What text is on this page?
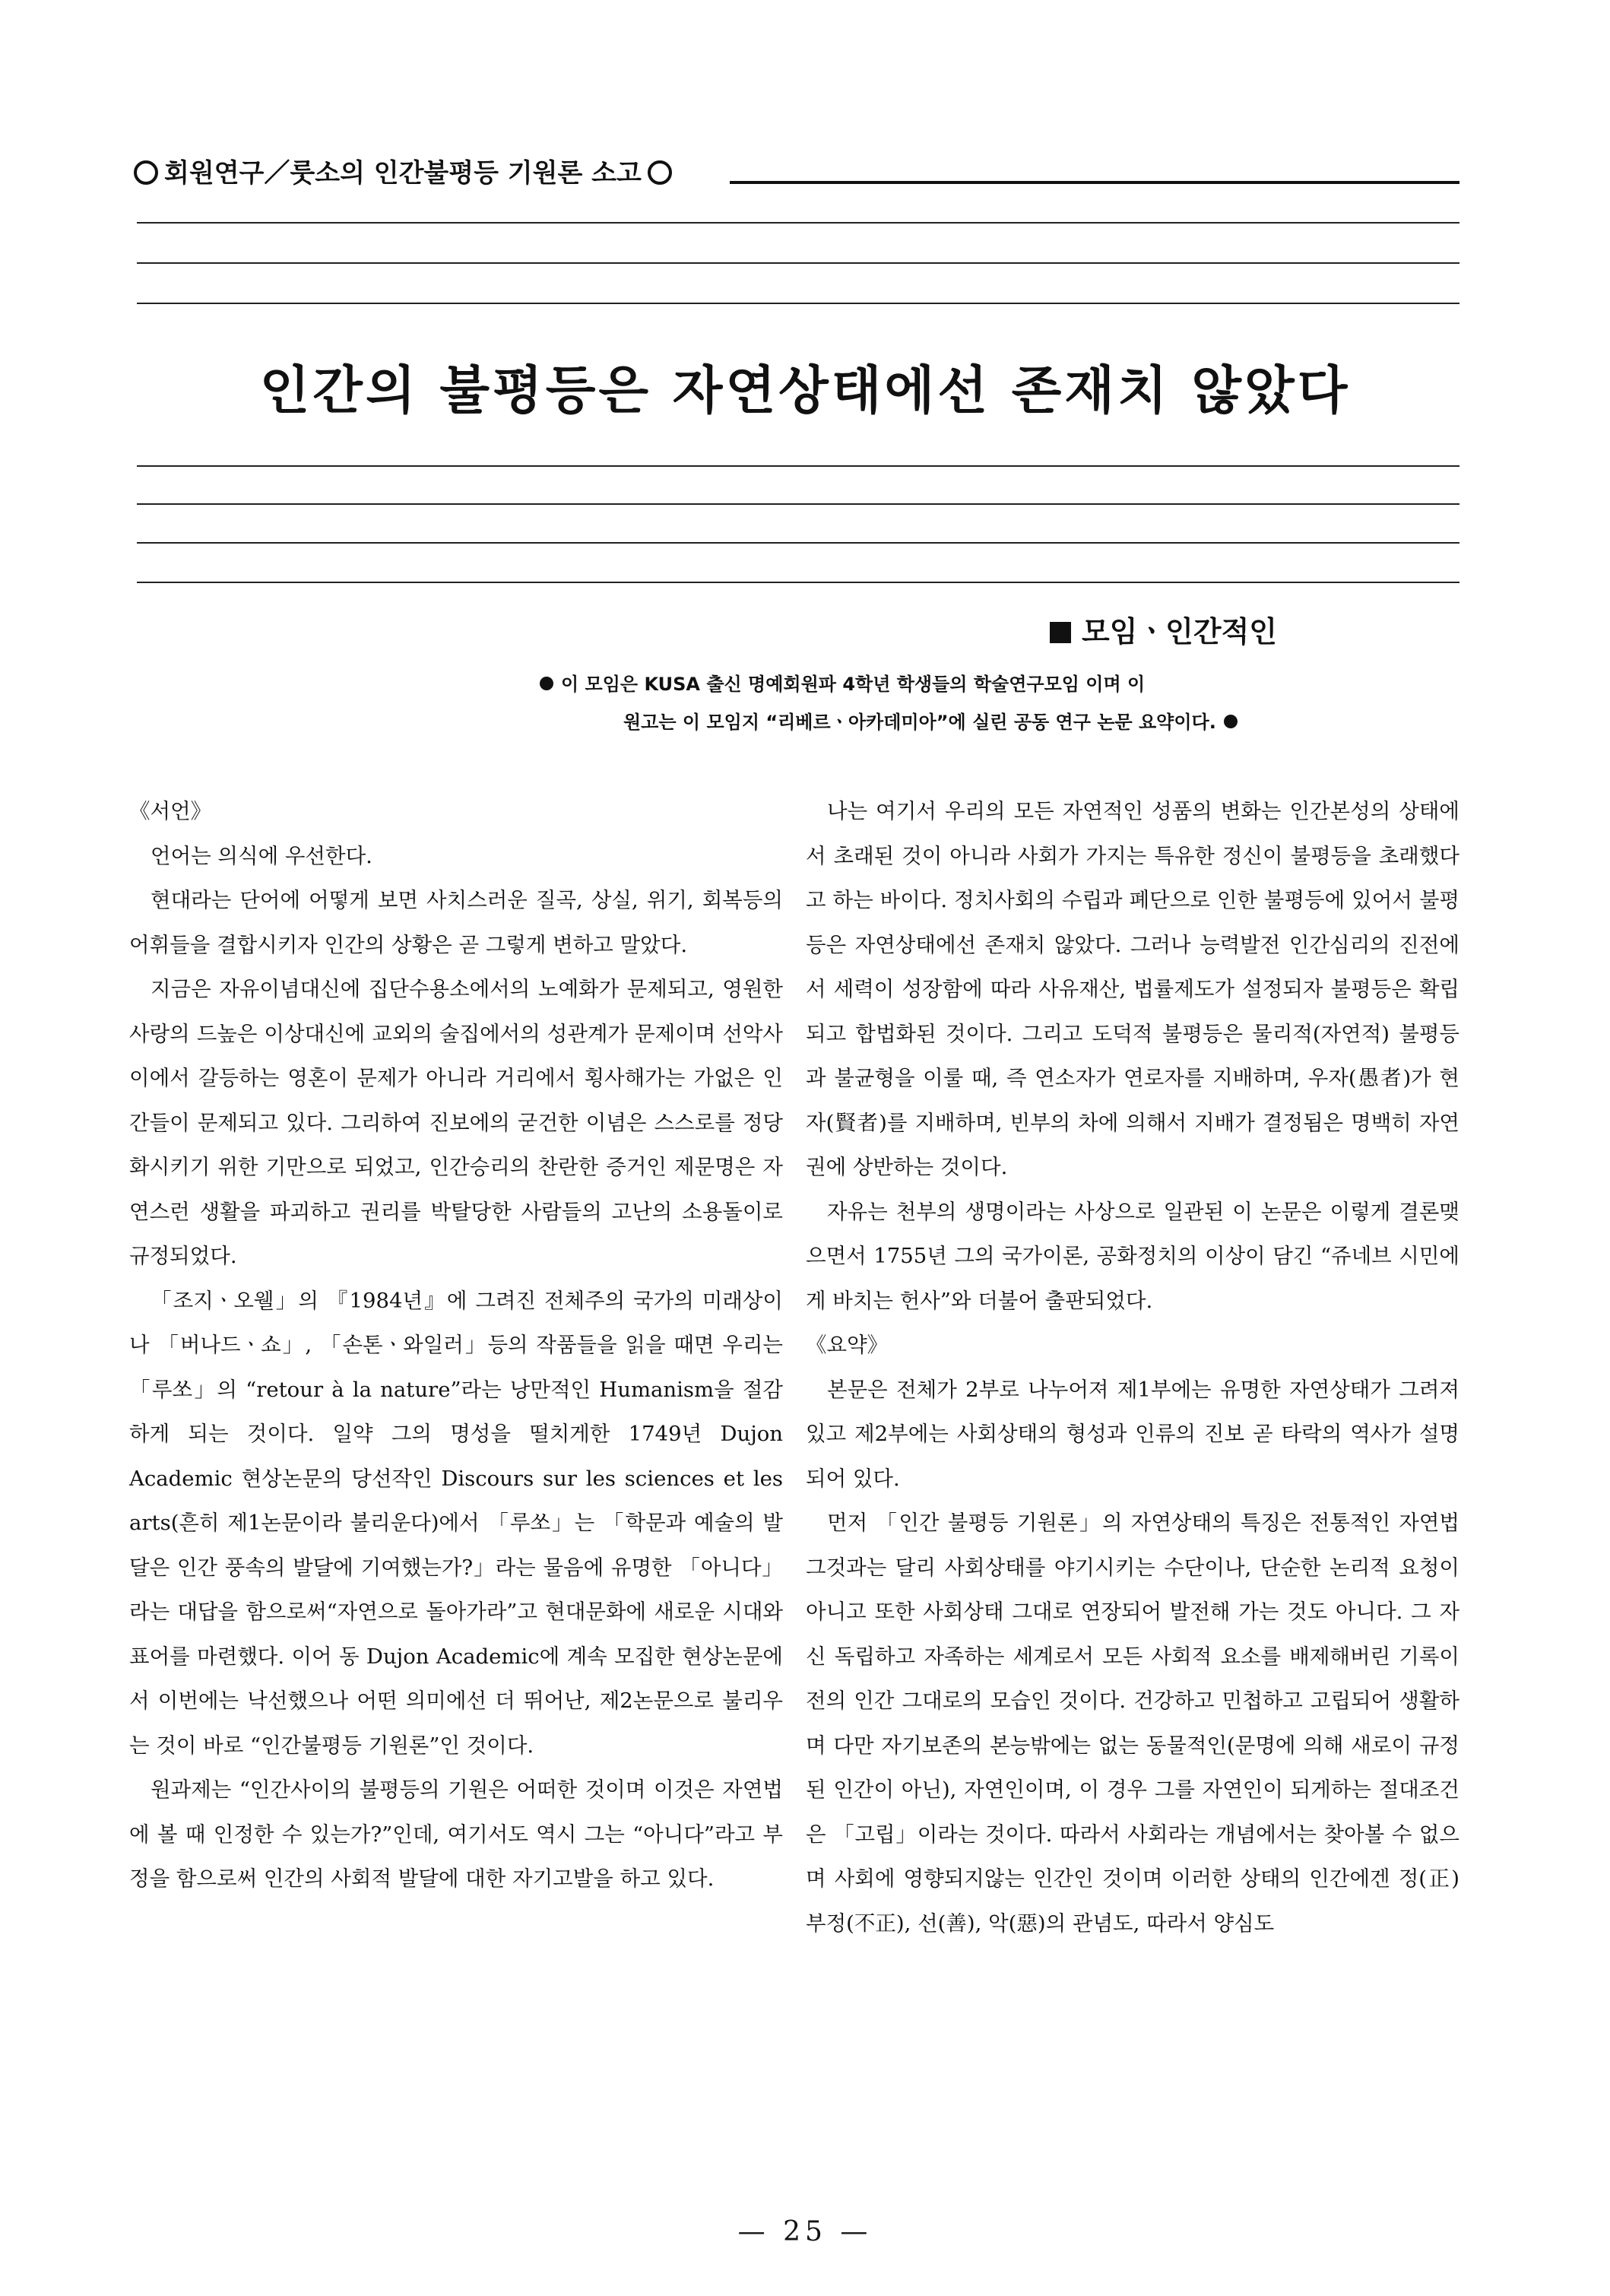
회원연구／룻소의 인간불평등 기원론 소고
인간의 불평등은 자연상태에선 존재치 않았다
모임ㆍ인간적인
이 모임은 KUSA 출신 명예회원파 4학년 학생들의 학술연구모임 이며 이
원고는 이 모임지 “리베르ㆍ아카데미아”에 실린 공동 연구 논문 요약이다.

《서언》

언어는 의식에 우선한다.

현대라는 단어에 어떻게 보면 사치스러운 질곡, 상실, 위기, 회복등의 어휘들을 결합시키자 인간의 상황은 곧 그렇게 변하고 말았다.

지금은 자유이념대신에 집단수용소에서의 노예화가 문제되고, 영원한 사랑의 드높은 이상대신에 교외의 술집에서의 성관계가 문제이며 선악사이에서 갈등하는 영혼이 문제가 아니라 거리에서 횡사해가는 가없은 인간들이 문제되고 있다. 그리하여 진보에의 굳건한 이념은 스스로를 정당화시키기 위한 기만으로 되었고, 인간승리의 찬란한 증거인 제문명은 자연스런 생활을 파괴하고 권리를 박탈당한 사람들의 고난의 소용돌이로 규정되었다.

「조지ㆍ오웰」의 『1984년』에 그려진 전체주의 국가의 미래상이나 「버나드ㆍ쇼」, 「손톤ㆍ와일러」등의 작품들을 읽을 때면 우리는 「루쏘」의 “retour à la nature”라는 낭만적인 Humanism을 절감하게 되는 것이다. 일약 그의 명성을 떨치게한 1749년 Dujon Academic 현상논문의 당선작인 Discours sur les sciences et les arts(흔히 제1논문이라 불리운다)에서 「루쏘」는 「학문과 예술의 발달은 인간 풍속의 발달에 기여했는가?」라는 물음에 유명한 「아니다」라는 대답을 함으로써“자연으로 돌아가라”고 현대문화에 새로운 시대와 표어를 마련했다. 이어 동 Dujon Academic에 계속 모집한 현상논문에서 이번에는 낙선했으나 어떤 의미에선 더 뛰어난, 제2논문으로 불리우는 것이 바로 “인간불평등 기원론”인 것이다.

원과제는 “인간사이의 불평등의 기원은 어떠한 것이며 이것은 자연법에 볼 때 인정한 수 있는가?”인데, 여기서도 역시 그는 “아니다”라고 부정을 함으로써 인간의 사회적 발달에 대한 자기고발을 하고 있다.

나는 여기서 우리의 모든 자연적인 성품의 변화는 인간본성의 상태에서 초래된 것이 아니라 사회가 가지는 특유한 정신이 불평등을 초래했다고 하는 바이다. 정치사회의 수립과 폐단으로 인한 불평등에 있어서 불평등은 자연상태에선 존재치 않았다. 그러나 능력발전 인간심리의 진전에서 세력이 성장함에 따라 사유재산, 법률제도가 설정되자 불평등은 확립되고 합법화된 것이다. 그리고 도덕적 불평등은 물리적(자연적) 불평등과 불균형을 이룰 때, 즉 연소자가 연로자를 지배하며, 우자(愚者)가 현자(賢者)를 지배하며, 빈부의 차에 의해서 지배가 결정됨은 명백히 자연권에 상반하는 것이다.

자유는 천부의 생명이라는 사상으로 일관된 이 논문은 이렇게 결론맺으면서 1755년 그의 국가이론, 공화정치의 이상이 담긴 “쥬네브 시민에게 바치는 헌사”와 더불어 출판되었다.

《요약》

본문은 전체가 2부로 나누어져 제1부에는 유명한 자연상태가 그려져있고 제2부에는 사회상태의 형성과 인류의 진보 곧 타락의 역사가 설명되어 있다.

먼저 「인간 불평등 기원론」의 자연상태의 특징은 전통적인 자연법 그것과는 달리 사회상태를 야기시키는 수단이나, 단순한 논리적 요청이 아니고 또한 사회상태 그대로 연장되어 발전해 가는 것도 아니다. 그 자신 독립하고 자족하는 세계로서 모든 사회적 요소를 배제해버린 기록이전의 인간 그대로의 모습인 것이다. 건강하고 민첩하고 고립되어 생활하며 다만 자기보존의 본능밖에는 없는 동물적인(문명에 의해 새로이 규정된 인간이 아닌), 자연인이며, 이 경우 그를 자연인이 되게하는 절대조건은 「고립」이라는 것이다. 따라서 사회라는 개념에서는 찾아볼 수 없으며 사회에 영향되지않는 인간인 것이며 이러한 상태의 인간에겐 정(正)부정(不正), 선(善), 악(惡)의 관념도, 따라서 양심도

— 25 —
